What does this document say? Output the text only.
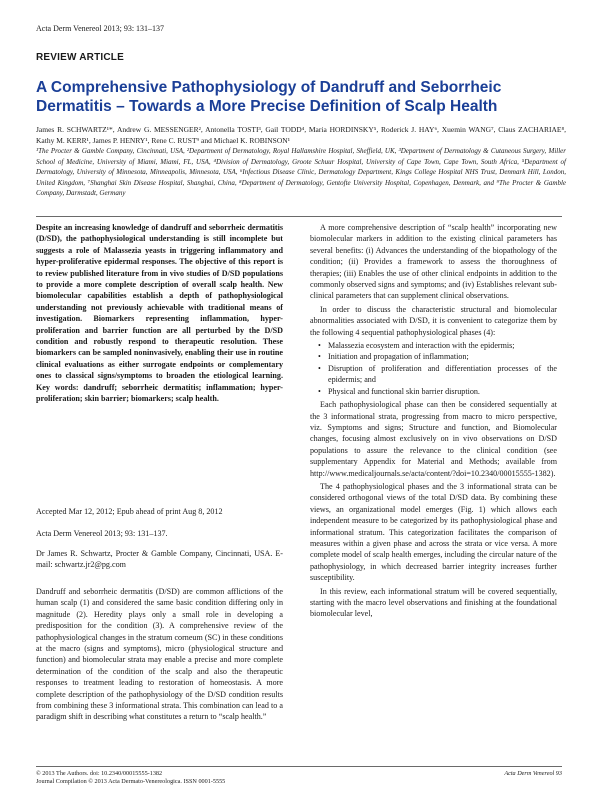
Acta Derm Venereol 2013; 93: 131–137
REVIEW ARTICLE
A Comprehensive Pathophysiology of Dandruff and Seborrheic
Dermatitis – Towards a More Precise Definition of Scalp Health
James R. SCHWARTZ¹*, Andrew G. MESSENGER², Antonella TOSTI³, Gail TODD⁴, Maria HORDINSKY⁵, Roderick J. HAY⁶, Xuemin WANG⁷, Claus ZACHARIAE⁸, Kathy M. KERR¹, James P. HENRY¹, Rene C. RUST⁹ and Michael K. ROBINSON¹
¹The Procter & Gamble Company, Cincinnati, USA, ²Department of Dermatology, Royal Hallamshire Hospital, Sheffield, UK, ³Department of Dermatology & Cutaneous Surgery, Miller School of Medicine, University of Miami, Miami, FL, USA, ⁴Division of Dermatology, Groote Schuur Hospital, University of Cape Town, Cape Town, South Africa, ⁵Department of Dermatology, University of Minnesota, Minneapolis, Minnesota, USA, ⁶Infectious Disease Clinic, Dermatology Department, Kings College Hospital NHS Trust, Denmark Hill, London, United Kingdom, ⁷Shanghai Skin Disease Hospital, Shanghai, China, ⁸Department of Dermatology, Gentofte University Hospital, Copenhagen, Denmark, and ⁹The Procter & Gamble Company, Darmstadt, Germany

Despite an increasing knowledge of dandruff and seborrheic dermatitis (D/SD), the pathophysiological understanding is still incomplete but suggests a role of Malassezia yeasts in triggering inflammatory and hyper-proliferative epidermal responses. The objective of this report is to review published literature from in vivo studies of D/SD populations to provide a more complete description of overall scalp health. New biomolecular capabilities establish a depth of pathophysiological understanding not previously achievable with traditional means of investigation. Biomarkers representing inflammation, hyper-proliferation and barrier function are all perturbed by the D/SD condition and robustly respond to therapeutic resolution. These biomarkers can be sampled noninvasively, enabling their use in routine clinical evaluations as either surrogate endpoints or complementary ones to classical signs/symptoms to broaden the etiological learning. Key words: dandruff; seborrheic dermatitis; inflammation; hyper-proliferation; skin barrier; biomarkers; scalp health.

Accepted Mar 12, 2012; Epub ahead of print Aug 8, 2012
Acta Derm Venereol 2013; 93: 131–137.
Dr James R. Schwartz, Procter & Gamble Company, Cincinnati, USA. E-mail: schwartz.jr2@pg.com

Dandruff and seborrheic dermatitis (D/SD) are common afflictions of the human scalp (1) and considered the same basic condition differing only in magnitude (2). Heredity plays only a small role in developing a predisposition for the condition (3). A comprehensive review of the pathophysiological changes in the stratum corneum (SC) in these conditions at the macro (signs and symptoms), micro (physiological structure and function) and biomolecular strata may enable a precise and more complete determination of the condition of the scalp and also the therapeutic responses to treatment leading to restoration of homeostasis. A more complete description of the pathophysiology of the D/SD condition results from combining these 3 informational strata. This combination can lead to a paradigm shift in describing what constitutes a return to “scalp health.”

A more comprehensive description of “scalp health” incorporating new biomolecular markers in addition to the existing clinical parameters has several benefits: (i) Advances the understanding of the biopathology of the condition; (ii) Provides a framework to assess the thoroughness of therapies; (iii) Enables the use of other clinical endpoints in addition to the commonly observed signs and symptoms; and (iv) Establishes relevant sub-clinical parameters that can supplement clinical observations.

In order to discuss the characteristic structural and biomolecular abnormalities associated with D/SD, it is convenient to categorize them by the following 4 sequential pathophysiological phases (4):

• Malassezia ecosystem and interaction with the epidermis;
• Initiation and propagation of inflammation;
• Disruption of proliferation and differentiation processes of the epidermis; and
• Physical and functional skin barrier disruption.

Each pathophysiological phase can then be considered sequentially at the 3 informational strata, progressing from macro to micro perspective, viz. Symptoms and signs; Structure and function, and Biomolecular changes, focusing almost exclusively on in vivo observations on D/SD populations to assure the relevance to the clinical condition (see supplementary Appendix for Material and Methods; available from http://www.medicaljournals.se/acta/content/?doi=10.2340/00015555-1382).

The 4 pathophysiological phases and the 3 informational strata can be considered orthogonal views of the total D/SD data. By combining these views, an organizational model emerges (Fig. 1) which allows each independent measure to be categorized by its pathophysiological phase and informational stratum. This categorization facilitates the comparison of measures within a given phase and across the strata or vice versa. A more complete model of scalp health emerges, including the circular nature of the pathophysiology, in which decreased barrier integrity increases further susceptibility.

In this review, each informational stratum will be covered sequentially, starting with the macro level observations and finishing at the foundational biomolecular level,

© 2013 The Authors. doi: 10.2340/00015555-1382
Journal Compilation © 2013 Acta Dermato-Venereologica. ISSN 0001-5555
Acta Derm Venereol 93
